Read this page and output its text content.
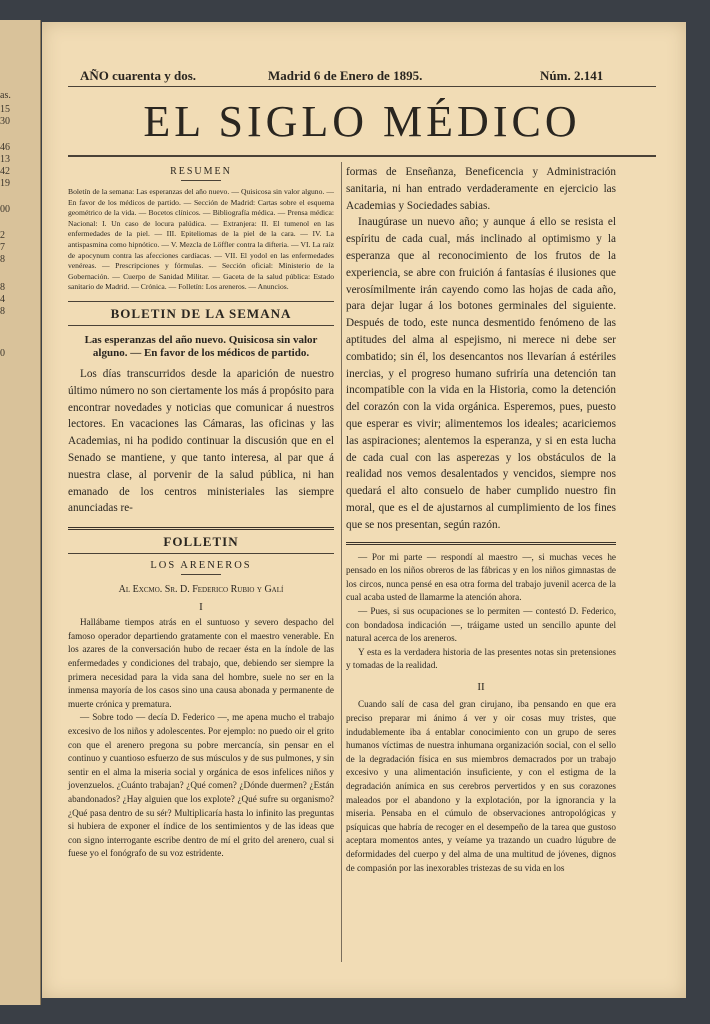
as.
15
30
46
13
42
19
00
2
7
8
8
4
8
0
AÑO cuarenta y dos.	Madrid 6 de Enero de 1895.	Núm. 2.141
EL SIGLO MÉDICO
RESUMEN

Boletín de la semana: Las esperanzas del año nuevo. — Quisicosa sin valor alguno. — En favor de los médicos de partido. — Sección de Madrid: Cartas sobre el esquema geométrico de la vida. — Bocetos clínicos. — Bibliografía médica. — Prensa médica: Nacional: I. Un caso de locura palúdica. — Extranjera: II. El tumenol en las enfermedades de la piel. — III. Epiteliomas de la piel de la cara. — IV. La antispasmina como hipnótico. — V. Mezcla de Löffler contra la difteria. — VI. La raíz de apocynum contra las afecciones cardíacas. — VII. El yodol en las enfermedades venéreas. — Prescripciones y fórmulas. — Sección oficial: Ministerio de la Gobernación. — Cuerpo de Sanidad Militar. — Gaceta de la salud pública: Estado sanitario de Madrid. — Crónica. — Folletín: Los areneros. — Anuncios.

BOLETIN DE LA SEMANA

Las esperanzas del año nuevo. Quisicosa sin valor alguno. — En favor de los médicos de partido.

Los días transcurridos desde la aparición de nuestro último número no son ciertamente los más á propósito para encontrar novedades y noticias que comunicar á nuestros lectores. En vacaciones las Cámaras, las oficinas y las Academias, ni ha podido continuar la discusión que en el Senado se mantiene, y que tanto interesa, al par que á nuestra clase, al porvenir de la salud pública, ni han emanado de los centros ministeriales las siempre anunciadas re-

FOLLETIN
LOS ARENEROS

Al Excmo. Sr. D. Federico Rubio y Galí

I

Hallábame tiempos atrás en el suntuoso y severo despacho del famoso operador departiendo gratamente con el maestro venerable. En los azares de la conversación hubo de recaer ésta en la índole de las enfermedades y condiciones del trabajo, que, debiendo ser siempre la primera necesidad para la vida sana del hombre, suele no ser en la inmensa mayoría de los casos sino una causa abonada y permanente de muerte crónica y prematura.

— Sobre todo — decía D. Federico —, me apena mucho el trabajo excesivo de los niños y adolescentes. Por ejemplo: no puedo oir el grito con que el arenero pregona su pobre mercancía, sin pensar en el continuo y cuantioso esfuerzo de sus músculos y de sus pulmones, y sin sentir en el alma la miseria social y orgánica de esos infelices niños y jovenzuelos. ¿Cuánto trabajan? ¿Qué comen? ¿Dónde duermen? ¿Están abandonados? ¿Hay alguien que los explote? ¿Qué sufre su organismo? ¿Qué pasa dentro de su sér? Multiplicaría hasta lo infinito las preguntas si hubiera de exponer el índice de los sentimientos y de las ideas que con signo interrogante escribe dentro de mí el grito del arenero, cual si fuese yo el fonógrafo de su voz estridente.

formas de Enseñanza, Beneficencia y Administración sanitaria, ni han entrado verdaderamente en ejercicio las Academias y Sociedades sabias.

Inaugúrase un nuevo año; y aunque á ello se resista el espíritu de cada cual, más inclinado al optimismo y la esperanza que al reconocimiento de los frutos de la experiencia, se abre con fruición á fantasías é ilusiones que verosímilmente irán cayendo como las hojas de cada año, para dejar lugar á los botones germinales del siguiente. Después de todo, este nunca desmentido fenómeno de las aptitudes del alma al espejismo, ni merece ni debe ser combatido; sin él, los desencantos nos llevarían á estériles inercias, y el progreso humano sufriría una detención tan incompatible con la vida en la Historia, como la detención del corazón con la vida orgánica. Esperemos, pues, puesto que esperar es vivir; alimentemos los ideales; acariciemos las aspiraciones; alentemos la esperanza, y si en esta lucha de cada cual con las asperezas y los obstáculos de la realidad nos vemos desalentados y vencidos, siempre nos quedará el alto consuelo de haber cumplido nuestro fin moral, que es el de ajustarnos al cumplimiento de los fines que se nos presentan, según razón.

— Por mi parte — respondí al maestro —, si muchas veces he pensado en los niños obreros de las fábricas y en los niños gimnastas de los circos, nunca pensé en esa otra forma del trabajo juvenil acerca de la cual acaba usted de llamarme la atención ahora.

— Pues, si sus ocupaciones se lo permiten — contestó D. Federico, con bondadosa indicación —, tráigame usted un sencillo apunte del natural acerca de los areneros.

Y esta es la verdadera historia de las presentes notas sin pretensiones y tomadas de la realidad.

II

Cuando salí de casa del gran cirujano, iba pensando en que era preciso preparar mi ánimo á ver y oir cosas muy tristes, que indudablemente iba á entablar conocimiento con un grupo de seres humanos víctimas de nuestra inhumana organización social, con el sello de la degradación física en sus miembros demacrados por un trabajo excesivo y una alimentación insuficiente, y con el estigma de la degradación anímica en sus cerebros pervertidos y en sus corazones maleados por el abandono y la explotación, por la ignorancia y la miseria. Pensaba en el cúmulo de observaciones antropológicas y psíquicas que habría de recoger en el desempeño de la tarea que gustoso aceptara momentos antes, y veíame ya trazando un cuadro lúgubre de deformidades del cuerpo y del alma de una multitud de jóvenes, dignos de compasión por las inexorables tristezas de su vida en los
